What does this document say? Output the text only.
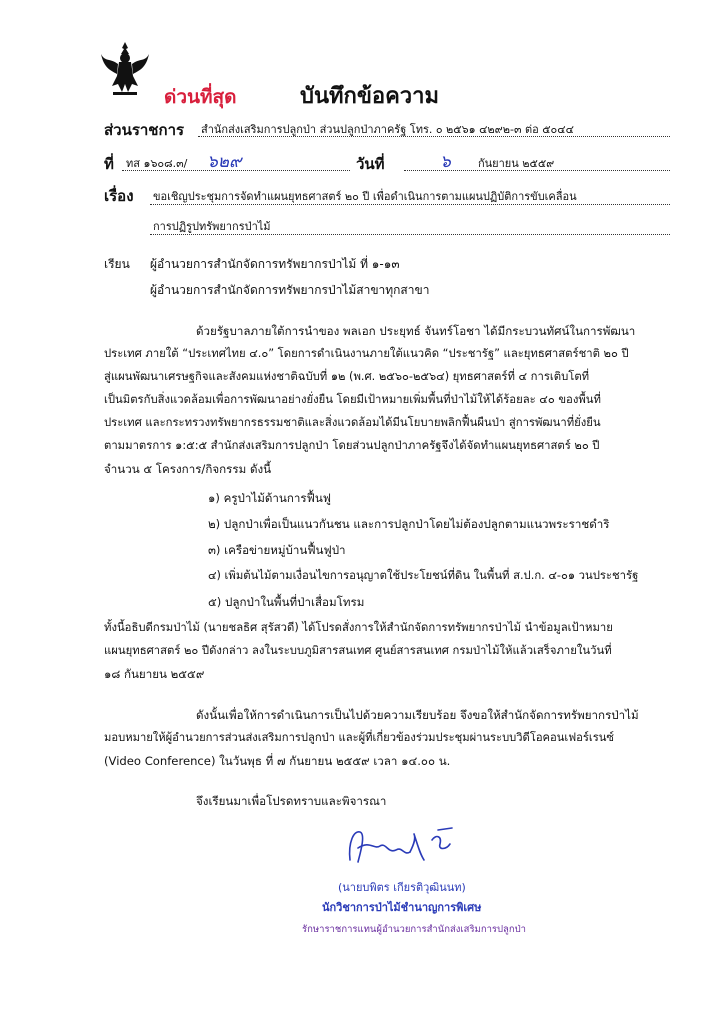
ด่วนที่สุด	บันทึกข้อความ
ส่วนราชการ สำนักส่งเสริมการปลูกป่า ส่วนปลูกป่าภาครัฐ โทร. ๐ ๒๕๖๑ ๔๒๙๒-๓ ต่อ ๕๐๔๔
ที่ ทส ๑๖๐๘.๓/ ๖๒๙	วันที่	๖ กันยายน ๒๕๕๙
เรื่อง ขอเชิญประชุมการจัดทำแผนยุทธศาสตร์ ๒๐ ปี เพื่อดำเนินการตามแผนปฏิบัติการขับเคลื่อน
การปฏิรูปทรัพยากรป่าไม้
เรียน ผู้อำนวยการสำนักจัดการทรัพยากรป่าไม้ ที่ ๑-๑๓
ผู้อำนวยการสำนักจัดการทรัพยากรป่าไม้สาขาทุกสาขา
ด้วยรัฐบาลภายใต้การนำของ พลเอก ประยุทธ์ จันทร์โอชา ได้มีกระบวนทัศน์ในการพัฒนา
ประเทศ ภายใต้ “ประเทศไทย ๔.๐” โดยการดำเนินงานภายใต้แนวคิด “ประชารัฐ” และยุทธศาสตร์ชาติ ๒๐ ปี
สู่แผนพัฒนาเศรษฐกิจและสังคมแห่งชาติฉบับที่ ๑๒ (พ.ศ. ๒๕๖๐-๒๕๖๔) ยุทธศาสตร์ที่ ๔ การเติบโตที่
เป็นมิตรกับสิ่งแวดล้อมเพื่อการพัฒนาอย่างยั่งยืน โดยมีเป้าหมายเพิ่มพื้นที่ป่าไม้ให้ได้ร้อยละ ๔๐ ของพื้นที่
ประเทศ และกระทรวงทรัพยากรธรรมชาติและสิ่งแวดล้อมได้มีนโยบายพลิกฟื้นผืนป่า สู่การพัฒนาที่ยั่งยืน
ตามมาตรการ ๑:๕:๕ สำนักส่งเสริมการปลูกป่า โดยส่วนปลูกป่าภาครัฐจึงได้จัดทำแผนยุทธศาสตร์ ๒๐ ปี
จำนวน ๕ โครงการ/กิจกรรม ดังนี้
๑) ครูป่าไม้ด้านการฟื้นฟู
๒) ปลูกป่าเพื่อเป็นแนวกันชน และการปลูกป่าโดยไม่ต้องปลูกตามแนวพระราชดำริ
๓) เครือข่ายหมู่บ้านฟื้นฟูป่า
๔) เพิ่มต้นไม้ตามเงื่อนไขการอนุญาตใช้ประโยชน์ที่ดิน ในพื้นที่ ส.ป.ก. ๔-๐๑ วนประชารัฐ
๕) ปลูกป่าในพื้นที่ป่าเสื่อมโทรม
ทั้งนี้อธิบดีกรมป่าไม้ (นายชลธิศ สุรัสวดี) ได้โปรดสั่งการให้สำนักจัดการทรัพยากรป่าไม้ นำข้อมูลเป้าหมาย
แผนยุทธศาสตร์ ๒๐ ปีดังกล่าว ลงในระบบภูมิสารสนเทศ ศูนย์สารสนเทศ กรมป่าไม้ให้แล้วเสร็จภายในวันที่
๑๘ กันยายน ๒๕๕๙
ดังนั้นเพื่อให้การดำเนินการเป็นไปด้วยความเรียบร้อย จึงขอให้สำนักจัดการทรัพยากรป่าไม้
มอบหมายให้ผู้อำนวยการส่วนส่งเสริมการปลูกป่า และผู้ที่เกี่ยวข้องร่วมประชุมผ่านระบบวิดีโอคอนเฟอร์เรนซ์
(Video Conference) ในวันพุธ ที่ ๗ กันยายน ๒๕๕๙ เวลา ๑๔.๐๐ น.
จึงเรียนมาเพื่อโปรดทราบและพิจารณา
(นายบพิตร เกียรติวุฒินนท)
นักวิชาการป่าไม้ชำนาญการพิเศษ
รักษาราชการแทนผู้อำนวยการสำนักส่งเสริมการปลูกป่า
